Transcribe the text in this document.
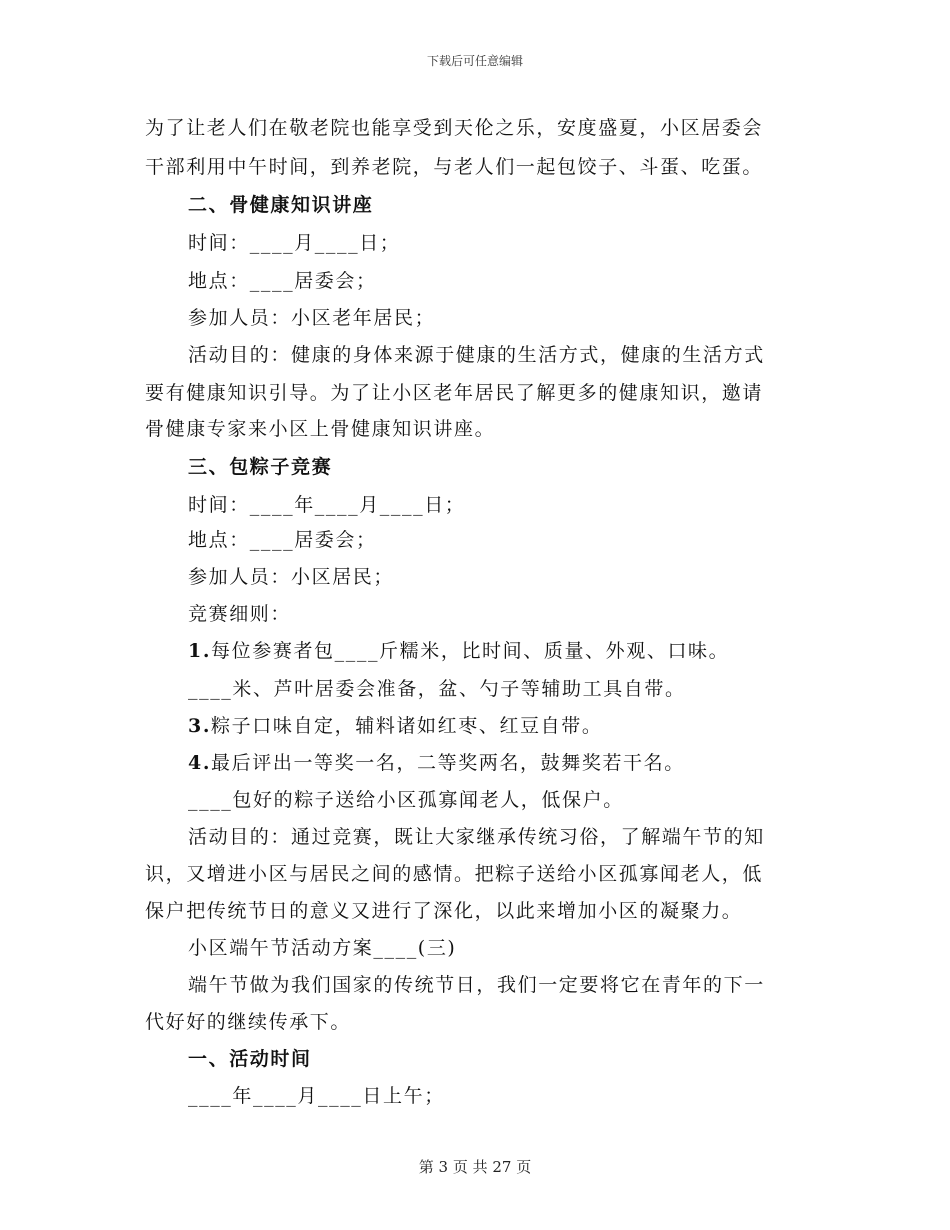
下载后可任意编辑
为了让老人们在敬老院也能享受到天伦之乐，安度盛夏，小区居委会
干部利用中午时间，到养老院，与老人们一起包饺子、斗蛋、吃蛋。
二、骨健康知识讲座
时间：____月____日；
地点：____居委会；
参加人员：小区老年居民；
活动目的：健康的身体来源于健康的生活方式，健康的生活方式
要有健康知识引导。为了让小区老年居民了解更多的健康知识，邀请
骨健康专家来小区上骨健康知识讲座。
三、包粽子竞赛
时间：____年____月____日；
地点：____居委会；
参加人员：小区居民；
竞赛细则：
1.每位参赛者包____斤糯米，比时间、质量、外观、口味。
____米、芦叶居委会准备，盆、勺子等辅助工具自带。
3.粽子口味自定，辅料诸如红枣、红豆自带。
4.最后评出一等奖一名，二等奖两名，鼓舞奖若干名。
____包好的粽子送给小区孤寡闻老人，低保户。
活动目的：通过竞赛，既让大家继承传统习俗，了解端午节的知
识，又增进小区与居民之间的感情。把粽子送给小区孤寡闻老人，低
保户把传统节日的意义又进行了深化，以此来增加小区的凝聚力。
小区端午节活动方案____(三)
端午节做为我们国家的传统节日，我们一定要将它在青年的下一
代好好的继续传承下。
一、活动时间
____年____月____日上午；
第 3 页 共 27 页
